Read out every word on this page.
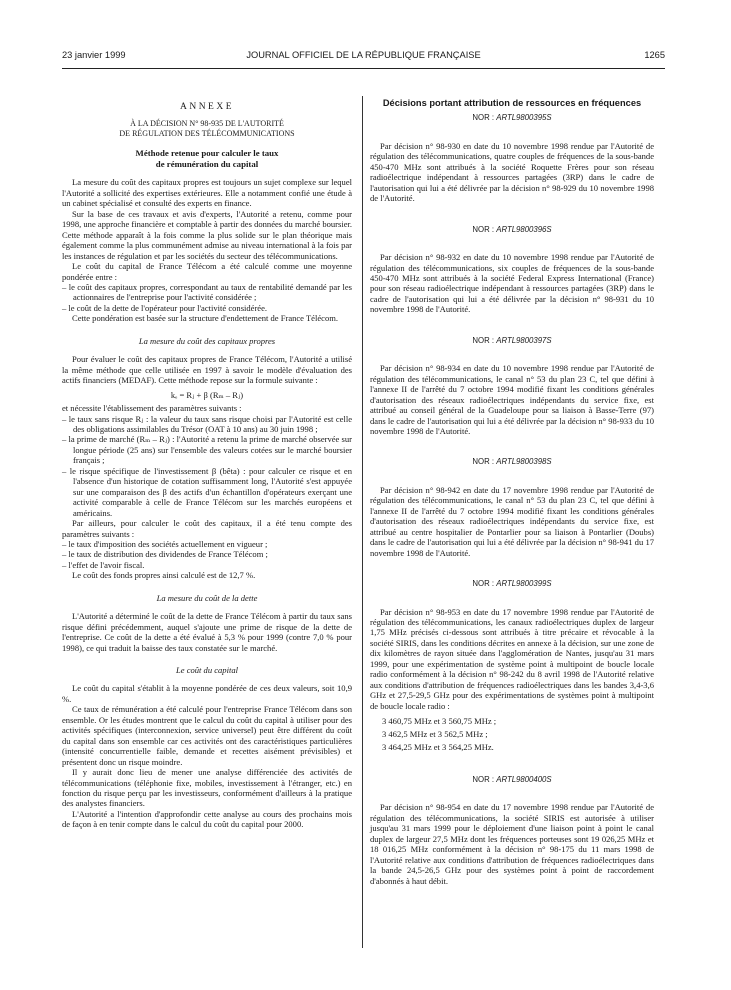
23 janvier 1999	JOURNAL OFFICIEL DE LA RÉPUBLIQUE FRANÇAISE	1265

ANNEXE

À LA DÉCISION N° 98-935 DE L'AUTORITÉ

DE RÉGULATION DES TÉLÉCOMMUNICATIONS

Méthode retenue pour calculer le taux

de rémunération du capital

La mesure du coût des capitaux propres est toujours un sujet complexe sur lequel l'Autorité a sollicité des expertises extérieures. Elle a notamment confié une étude à un cabinet spécialisé et consulté des experts en finance.

Sur la base de ces travaux et avis d'experts, l'Autorité a retenu, comme pour 1998, une approche financière et comptable à partir des données du marché boursier. Cette méthode apparaît à la fois comme la plus solide sur le plan théorique mais également comme la plus communément admise au niveau international à la fois par les instances de régulation et par les sociétés du secteur des télécommunications.

Le coût du capital de France Télécom a été calculé comme une moyenne pondérée entre :

– le coût des capitaux propres, correspondant au taux de rentabilité demandé par les actionnaires de l'entreprise pour l'activité considérée ;
– le coût de la dette de l'opérateur pour l'activité considérée.

Cette pondération est basée sur la structure d'endettement de France Télécom.

La mesure du coût des capitaux propres

Pour évaluer le coût des capitaux propres de France Télécom, l'Autorité a utilisé la même méthode que celle utilisée en 1997 à savoir le modèle d'évaluation des actifs financiers (MEDAF). Cette méthode repose sur la formule suivante :

kₑ = Rⱼ + β (Rₘ – Rⱼ)

et nécessite l'établissement des paramètres suivants :

– le taux sans risque Rⱼ : la valeur du taux sans risque choisi par l'Autorité est celle des obligations assimilables du Trésor (OAT à 10 ans) au 30 juin 1998 ;
– la prime de marché (Rₘ – Rⱼ) : l'Autorité a retenu la prime de marché observée sur longue période (25 ans) sur l'ensemble des valeurs cotées sur le marché boursier français ;
– le risque spécifique de l'investissement β (bêta) : pour calculer ce risque et en l'absence d'un historique de cotation suffisamment long, l'Autorité s'est appuyée sur une comparaison des β des actifs d'un échantillon d'opérateurs exerçant une activité comparable à celle de France Télécom sur les marchés européens et américains.

Par ailleurs, pour calculer le coût des capitaux, il a été tenu compte des paramètres suivants :

– le taux d'imposition des sociétés actuellement en vigueur ;
– le taux de distribution des dividendes de France Télécom ;
– l'effet de l'avoir fiscal.

Le coût des fonds propres ainsi calculé est de 12,7 %.

La mesure du coût de la dette

L'Autorité a déterminé le coût de la dette de France Télécom à partir du taux sans risque défini précédemment, auquel s'ajoute une prime de risque de la dette de l'entreprise. Ce coût de la dette a été évalué à 5,3 % pour 1999 (contre 7,0 % pour 1998), ce qui traduit la baisse des taux constatée sur le marché.

Le coût du capital

Le coût du capital s'établit à la moyenne pondérée de ces deux valeurs, soit 10,9 %.

Ce taux de rémunération a été calculé pour l'entreprise France Télécom dans son ensemble. Or les études montrent que le calcul du coût du capital à utiliser pour des activités spécifiques (interconnexion, service universel) peut être différent du coût du capital dans son ensemble car ces activités ont des caractéristiques particulières (intensité concurrentielle faible, demande et recettes aisément prévisibles) et présentent donc un risque moindre.

Il y aurait donc lieu de mener une analyse différenciée des activités de télécommunications (téléphonie fixe, mobiles, investissement à l'étranger, etc.) en fonction du risque perçu par les investisseurs, conformément d'ailleurs à la pratique des analystes financiers.

L'Autorité a l'intention d'approfondir cette analyse au cours des prochains mois de façon à en tenir compte dans le calcul du coût du capital pour 2000.

Décisions portant attribution de ressources en fréquences

NOR : ARTL9800395S

Par décision n° 98-930 en date du 10 novembre 1998 rendue par l'Autorité de régulation des télécommunications, quatre couples de fréquences de la sous-bande 450-470 MHz sont attribués à la société Roquette Frères pour son réseau radioélectrique indépendant à ressources partagées (3RP) dans le cadre de l'autorisation qui lui a été délivrée par la décision n° 98-929 du 10 novembre 1998 de l'Autorité.

NOR : ARTL9800396S

Par décision n° 98-932 en date du 10 novembre 1998 rendue par l'Autorité de régulation des télécommunications, six couples de fréquences de la sous-bande 450-470 MHz sont attribués à la société Federal Express International (France) pour son réseau radioélectrique indépendant à ressources partagées (3RP) dans le cadre de l'autorisation qui lui a été délivrée par la décision n° 98-931 du 10 novembre 1998 de l'Autorité.

NOR : ARTL9800397S

Par décision n° 98-934 en date du 10 novembre 1998 rendue par l'Autorité de régulation des télécommunications, le canal n° 53 du plan 23 C, tel que défini à l'annexe II de l'arrêté du 7 octobre 1994 modifié fixant les conditions générales d'autorisation des réseaux radioélectriques indépendants du service fixe, est attribué au conseil général de la Guadeloupe pour sa liaison à Basse-Terre (97) dans le cadre de l'autorisation qui lui a été délivrée par la décision n° 98-933 du 10 novembre 1998 de l'Autorité.

NOR : ARTL9800398S

Par décision n° 98-942 en date du 17 novembre 1998 rendue par l'Autorité de régulation des télécommunications, le canal n° 53 du plan 23 C, tel que défini à l'annexe II de l'arrêté du 7 octobre 1994 modifié fixant les conditions générales d'autorisation des réseaux radioélectriques indépendants du service fixe, est attribué au centre hospitalier de Pontarlier pour sa liaison à Pontarlier (Doubs) dans le cadre de l'autorisation qui lui a été délivrée par la décision n° 98-941 du 17 novembre 1998 de l'Autorité.

NOR : ARTL9800399S

Par décision n° 98-953 en date du 17 novembre 1998 rendue par l'Autorité de régulation des télécommunications, les canaux radioélectriques duplex de largeur 1,75 MHz précisés ci-dessous sont attribués à titre précaire et révocable à la société SIRIS, dans les conditions décrites en annexe à la décision, sur une zone de dix kilomètres de rayon située dans l'agglomération de Nantes, jusqu'au 31 mars 1999, pour une expérimentation de système point à multipoint de boucle locale radio conformément à la décision n° 98-242 du 8 avril 1998 de l'Autorité relative aux conditions d'attribution de fréquences radioélectriques dans les bandes 3,4-3,6 GHz et 27,5-29,5 GHz pour des expérimentations de systèmes point à multipoint de boucle locale radio :

3 460,75 MHz et 3 560,75 MHz ;

3 462,5 MHz et 3 562,5 MHz ;

3 464,25 MHz et 3 564,25 MHz.

NOR : ARTL9800400S

Par décision n° 98-954 en date du 17 novembre 1998 rendue par l'Autorité de régulation des télécommunications, la société SIRIS est autorisée à utiliser jusqu'au 31 mars 1999 pour le déploiement d'une liaison point à point le canal duplex de largeur 27,5 MHz dont les fréquences porteuses sont 19 026,25 MHz et 18 016,25 MHz conformément à la décision n° 98-175 du 11 mars 1998 de l'Autorité relative aux conditions d'attribution de fréquences radioélectriques dans la bande 24,5-26,5 GHz pour des systèmes point à point de raccordement d'abonnés à haut débit.
